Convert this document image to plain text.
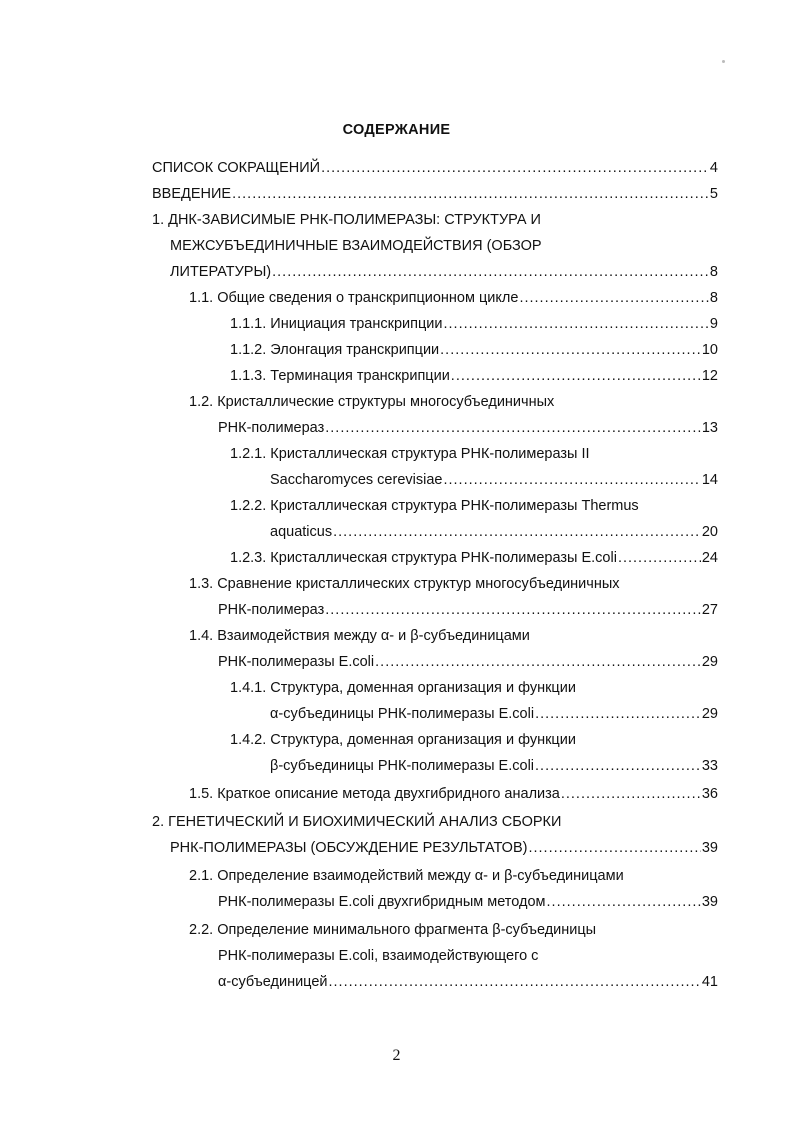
СОДЕРЖАНИЕ
СПИСОК СОКРАЩЕНИЙ .....	4
ВВЕДЕНИЕ .....	5
1. ДНК-ЗАВИСИМЫЕ РНК-ПОЛИМЕРАЗЫ: СТРУКТУРА И
МЕЖСУБЪЕДИНИЧНЫЕ ВЗАИМОДЕЙСТВИЯ (ОБЗОР
ЛИТЕРАТУРЫ) .....	8
1.1. Общие сведения о транскрипционном цикле .....	8
1.1.1. Инициация транскрипции .....	9
1.1.2. Элонгация транскрипции .....	10
1.1.3. Терминация транскрипции .....	12
1.2. Кристаллические структуры многосубъединичных
РНК-полимераз .....	13
1.2.1. Кристаллическая структура РНК-полимеразы II
Saccharomyces cerevisiae .....	14
1.2.2. Кристаллическая структура РНК-полимеразы Thermus
aquaticus .....	20
1.2.3. Кристаллическая структура РНК-полимеразы E.coli .....	24
1.3. Сравнение кристаллических структур многосубъединичных
РНК-полимераз .....	27
1.4. Взаимодействия между α- и β-субъединицами
РНК-полимеразы E.coli .....	29
1.4.1. Структура, доменная организация и функции
α-субъединицы РНК-полимеразы E.coli .....	29
1.4.2. Структура, доменная организация и функции
β-субъединицы РНК-полимеразы E.coli .....	33
1.5. Краткое описание метода двухгибридного анализа .....	36
2. ГЕНЕТИЧЕСКИЙ И БИОХИМИЧЕСКИЙ АНАЛИЗ СБОРКИ
РНК-ПОЛИМЕРАЗЫ (ОБСУЖДЕНИЕ РЕЗУЛЬТАТОВ) .....	39
2.1. Определение взаимодействий между α- и β-субъединицами
РНК-полимеразы E.coli двухгибридным методом .....	39
2.2. Определение минимального фрагмента β-субъединицы
РНК-полимеразы E.coli, взаимодействующего с
α-субъединицей .....	41
2
